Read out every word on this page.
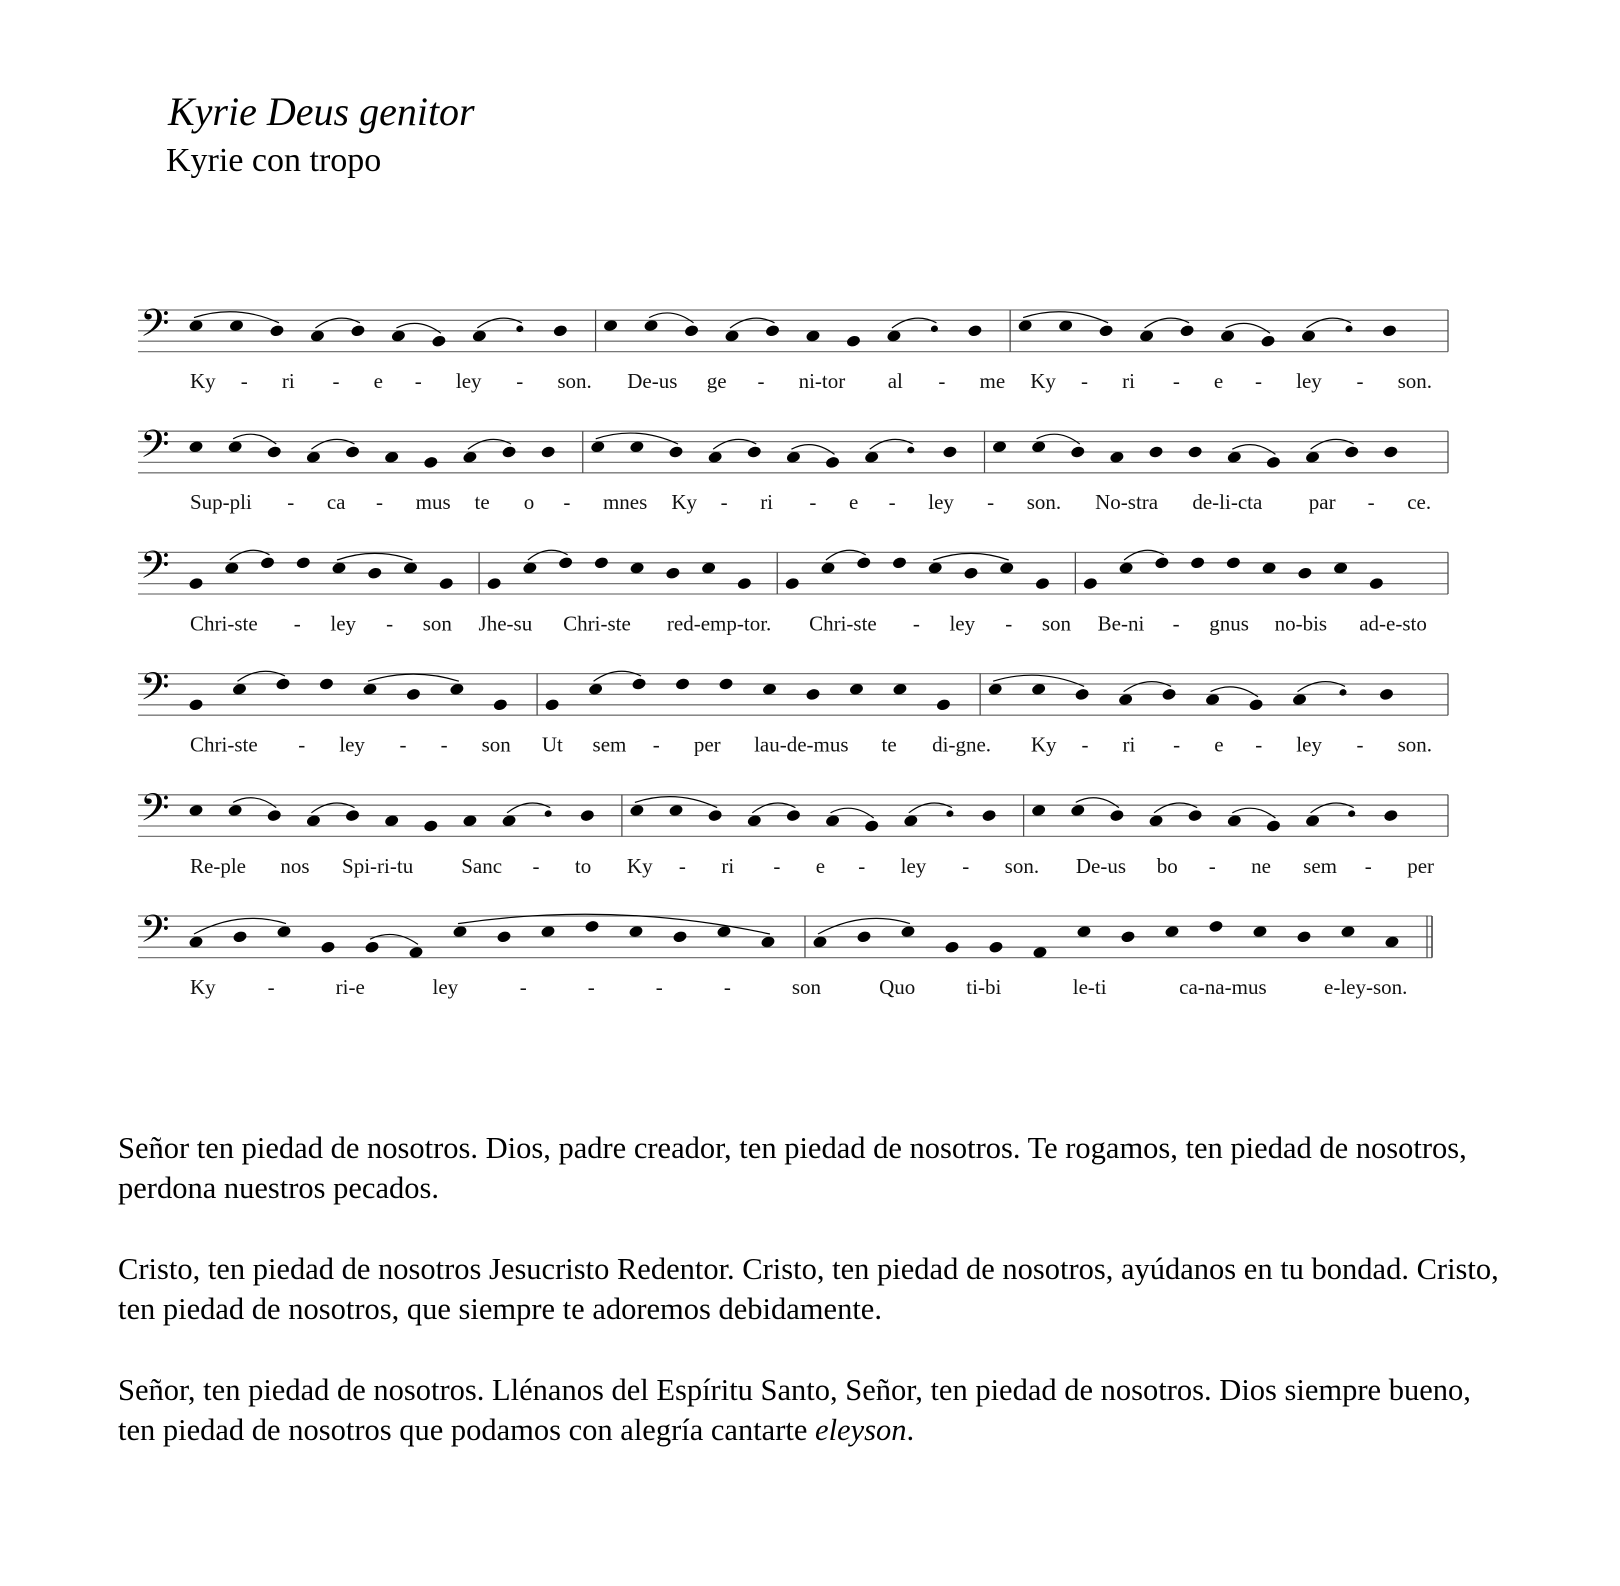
Kyrie Deus genitor
Kyrie con tropo
𝄢
Ky - ri - e - ley - son. De-us ge - ni-tor al - me Ky - ri - e - ley - son.
𝄢
Sup-pli - ca - mus te o - mnes Ky - ri - e - ley - son. No-stra de-li-cta par - ce.
𝄢
Chri-ste - ley - son Jhe-su Chri-ste red-emp-tor. Chri-ste - ley - son Be-ni - gnus no-bis ad-e-sto
𝄢
Chri-ste - ley - - son Ut sem - per lau-de-mus te di-gne. Ky - ri - e - ley - son.
𝄢
Re-ple nos Spi-ri-tu Sanc - to Ky - ri - e - ley - son. De-us bo - ne sem - per
𝄢
Ky -	ri-e	ley	-	-	-	-	son	Quo ti-bi	le-ti	ca-na-mus	e-ley-son.

Señor ten piedad de nosotros. Dios, padre creador, ten piedad de nosotros. Te rogamos, ten piedad de nosotros, perdona nuestros pecados.

Cristo, ten piedad de nosotros Jesucristo Redentor. Cristo, ten piedad de nosotros, ayúdanos en tu bondad. Cristo, ten piedad de nosotros, que siempre te adoremos debidamente.

Señor, ten piedad de nosotros. Llénanos del Espíritu Santo, Señor, ten piedad de nosotros. Dios siempre bueno, ten piedad de nosotros que podamos con alegría cantarte eleyson.
